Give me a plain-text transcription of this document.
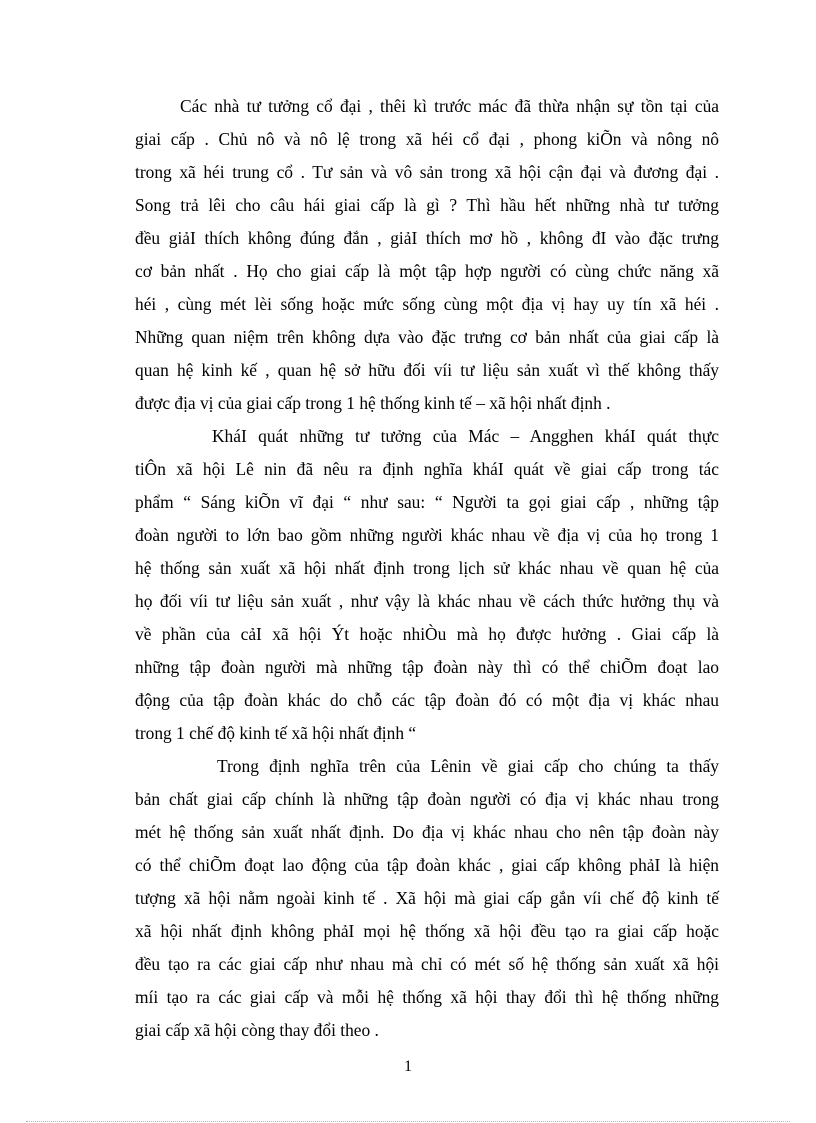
Các nhà tư tưởng cổ đại , thêi kì trước mác đã thừa nhận sự tồn tại của
giai cấp . Chủ nô và nô lệ trong xã héi cổ đại , phong kiÕn và nông nô
trong xã héi trung cổ . Tư sản và vô sản trong xã hội cận đại và đương đại .
Song trả lêi cho câu hái giai cấp là gì ? Thì hầu hết những nhà tư tưởng
đều giảI thích không đúng đắn , giảI thích mơ hồ , không đI vào đặc trưng
cơ bản nhất . Họ cho giai cấp là một tập hợp người có cùng chức năng xã
héi , cùng mét lèi sống hoặc mức sống cùng một địa vị hay uy tín xã héi .
Những quan niệm trên không dựa vào đặc trưng cơ bản nhất của giai cấp là
quan hệ kinh kế , quan hệ sở hữu đối víi tư liệu sản xuất vì thế không thấy
được địa vị của giai cấp trong 1 hệ thống kinh tế – xã hội nhất định .
KháI quát những tư tưởng của Mác – Angghen kháI quát thực
tiÔn xã hội Lê nin đã nêu ra định nghĩa kháI quát về giai cấp trong tác
phẩm “ Sáng kiÕn vĩ đại “ như sau: “ Người ta gọi giai cấp , những tập
đoàn người to lớn bao gồm những người khác nhau về địa vị của họ trong 1
hệ thống sản xuất xã hội nhất định trong lịch sử khác nhau về quan hệ của
họ đối víi tư liệu sản xuất , như vậy là khác nhau về cách thức hưởng thụ và
về phần của cảI xã hội Ýt hoặc nhiÒu mà họ được hưởng . Giai cấp là
những tập đoàn người mà những tập đoàn này thì có thể chiÕm đoạt lao
động của tập đoàn khác do chỗ các tập đoàn đó có một địa vị khác nhau
trong 1 chế độ kinh tế xã hội nhất định “
Trong định nghĩa trên của Lênin về giai cấp cho chúng ta thấy
bản chất giai cấp chính là những tập đoàn người có địa vị khác nhau trong
mét hệ thống sản xuất nhất định. Do địa vị khác nhau cho nên tập đoàn này
có thể chiÕm đoạt lao động của tập đoàn khác , giai cấp không phảI là hiện
tượng xã hội nằm ngoài kinh tế . Xã hội mà giai cấp gắn víi chế độ kinh tế
xã hội nhất định không phảI mọi hệ thống xã hội đều tạo ra giai cấp hoặc
đều tạo ra các giai cấp như nhau mà chỉ có mét số hệ thống sản xuất xã hội
míi tạo ra các giai cấp và mỗi hệ thống xã hội thay đổi thì hệ thống những
giai cấp xã hội còng thay đổi theo .
1
